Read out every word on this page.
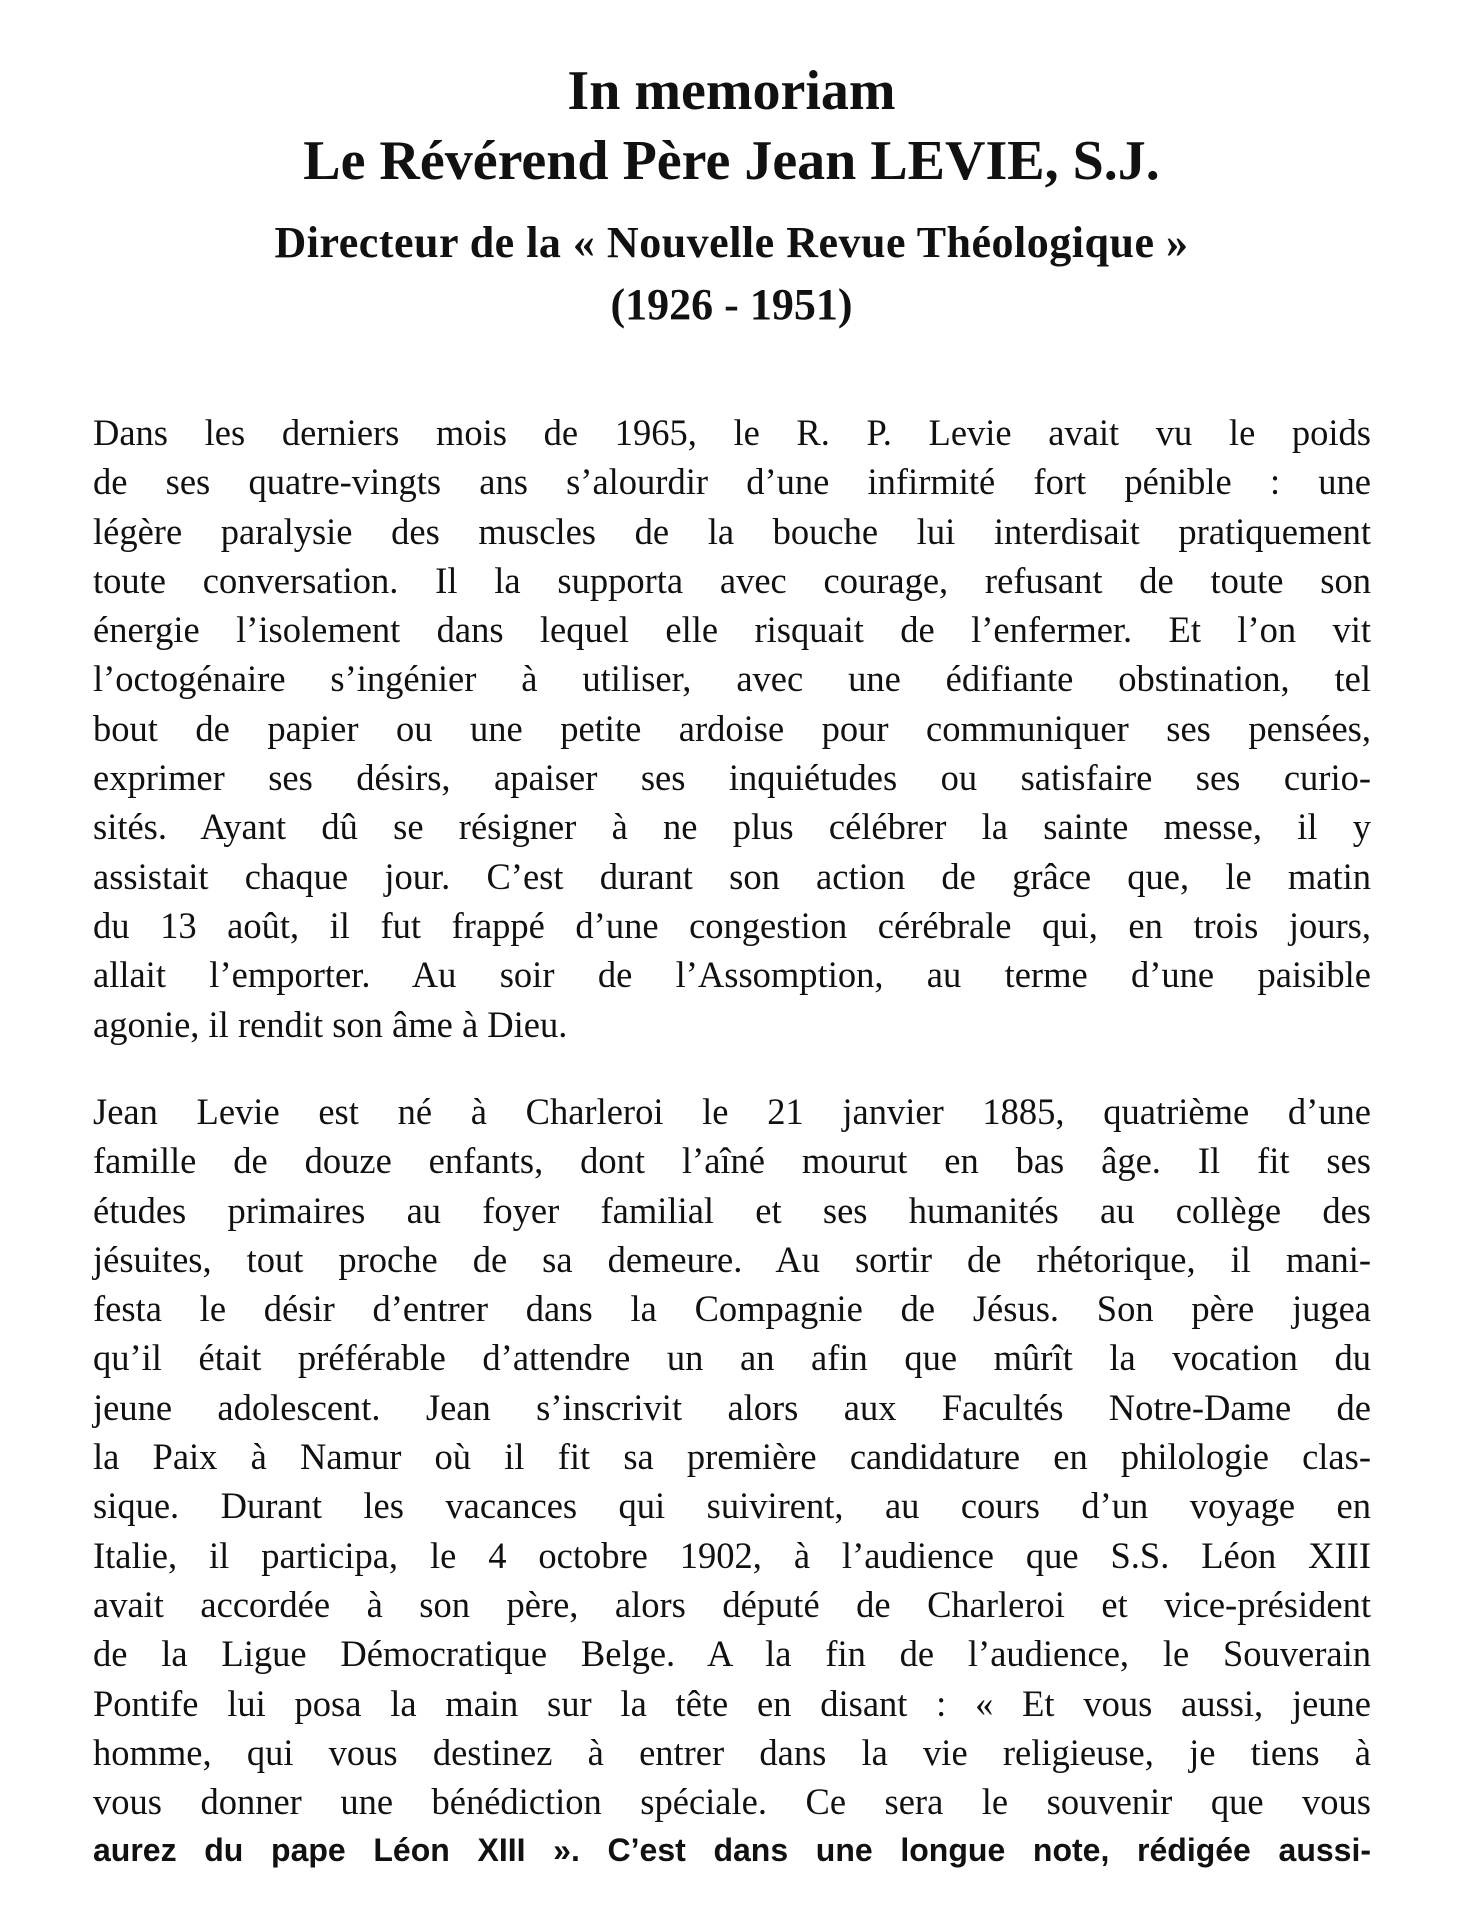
In memoriam
Le Révérend Père Jean LEVIE, S.J.
Directeur de la « Nouvelle Revue Théologique »
(1926 - 1951)
Dans les derniers mois de 1965, le R. P. Levie avait vu le poids
de ses quatre-vingts ans s’alourdir d’une infirmité fort pénible : une
légère paralysie des muscles de la bouche lui interdisait pratiquement
toute conversation. Il la supporta avec courage, refusant de toute son
énergie l’isolement dans lequel elle risquait de l’enfermer. Et l’on vit
l’octogénaire s’ingénier à utiliser, avec une édifiante obstination, tel
bout de papier ou une petite ardoise pour communiquer ses pensées,
exprimer ses désirs, apaiser ses inquiétudes ou satisfaire ses curio-
sités. Ayant dû se résigner à ne plus célébrer la sainte messe, il y
assistait chaque jour. C’est durant son action de grâce que, le matin
du 13 août, il fut frappé d’une congestion cérébrale qui, en trois jours,
allait l’emporter. Au soir de l’Assomption, au terme d’une paisible
agonie, il rendit son âme à Dieu.
Jean Levie est né à Charleroi le 21 janvier 1885, quatrième d’une
famille de douze enfants, dont l’aîné mourut en bas âge. Il fit ses
études primaires au foyer familial et ses humanités au collège des
jésuites, tout proche de sa demeure. Au sortir de rhétorique, il mani-
festa le désir d’entrer dans la Compagnie de Jésus. Son père jugea
qu’il était préférable d’attendre un an afin que mûrît la vocation du
jeune adolescent. Jean s’inscrivit alors aux Facultés Notre-Dame de
la Paix à Namur où il fit sa première candidature en philologie clas-
sique. Durant les vacances qui suivirent, au cours d’un voyage en
Italie, il participa, le 4 octobre 1902, à l’audience que S.S. Léon XIII
avait accordée à son père, alors député de Charleroi et vice-président
de la Ligue Démocratique Belge. A la fin de l’audience, le Souverain
Pontife lui posa la main sur la tête en disant : « Et vous aussi, jeune
homme, qui vous destinez à entrer dans la vie religieuse, je tiens à
vous donner une bénédiction spéciale. Ce sera le souvenir que vous
aurez du pape Léon XIII ». C’est dans une longue note, rédigée aussi-
